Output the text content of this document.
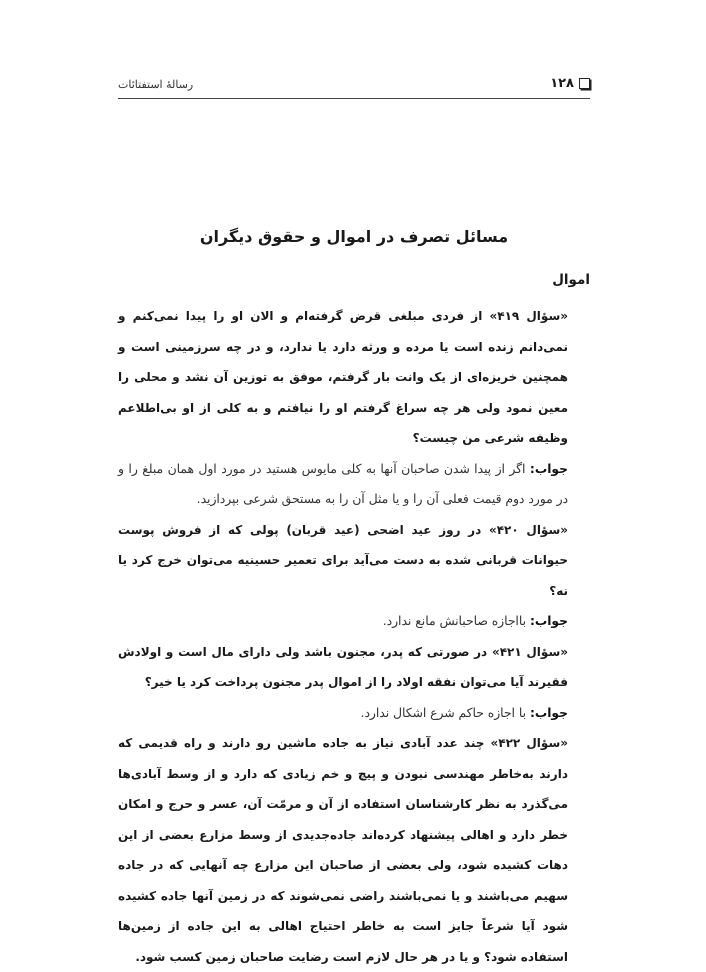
۱۲۸
رسالهٔ استفتائات
مسائل تصرف در اموال و حقوق دیگران
اموال

«سؤال ۴۱۹» از فردی مبلغی قرض گرفته‌ام و الان او را پیدا نمی‌کنم و نمی‌دانم زنده است یا مرده و ورثه دارد یا ندارد، و در چه سرزمینی است و همچنین خریزه‌ای از یک وانت بار گرفتم، موفق به توزین آن نشد و محلی را معین نمود ولی هر چه سراغ گرفتم او را نیافتم و به کلی از او بی‌اطلاعم وظیفه شرعی من چیست؟

جواب: اگر از پیدا شدن صاحبان آنها به کلی مایوس هستید در مورد اول همان مبلغ را و در مورد دوم قیمت فعلی آن را و یا مثل آن را به مستحق شرعی بپردازید.

«سؤال ۴۲۰» در روز عید اضحی (عید قربان) پولی که از فروش پوست حیوانات قربانی شده به دست می‌آید برای تعمیر حسینیه می‌توان خرج کرد یا نه؟

جواب: بااجازه صاحبانش مانع ندارد.

«سؤال ۴۲۱» در صورتی که پدر، مجنون باشد ولی دارای مال است و اولادش فقیرند آیا می‌توان نفقه اولاد را از اموال پدر مجنون پرداخت کرد یا خیر؟

جواب: با اجازه حاکم شرع اشکال ندارد.

«سؤال ۴۲۲» چند عدد آبادی نیاز به جاده ماشین رو دارند و راه قدیمی که دارند به‌خاطر مهندسی نبودن و پیچ و خم زیادی که دارد و از وسط آبادی‌ها می‌گذرد به نظر کارشناسان استفاده از آن و مرمّت آن، عسر و حرج و امکان خطر دارد و اهالی پیشنهاد کرده‌اند جاده‌جدیدی از وسط مزارع بعضی از این دهات کشیده شود، ولی بعضی از صاحبان این مزارع چه آنهایی که در جاده سهیم می‌باشند و یا نمی‌باشند راضی نمی‌شوند که در زمین آنها جاده کشیده شود آیا شرعاً جایز است به خاطر احتیاج اهالی به این جاده از زمین‌ها استفاده شود؟ و یا در هر حال لازم است رضایت صاحبان زمین کسب شود.
